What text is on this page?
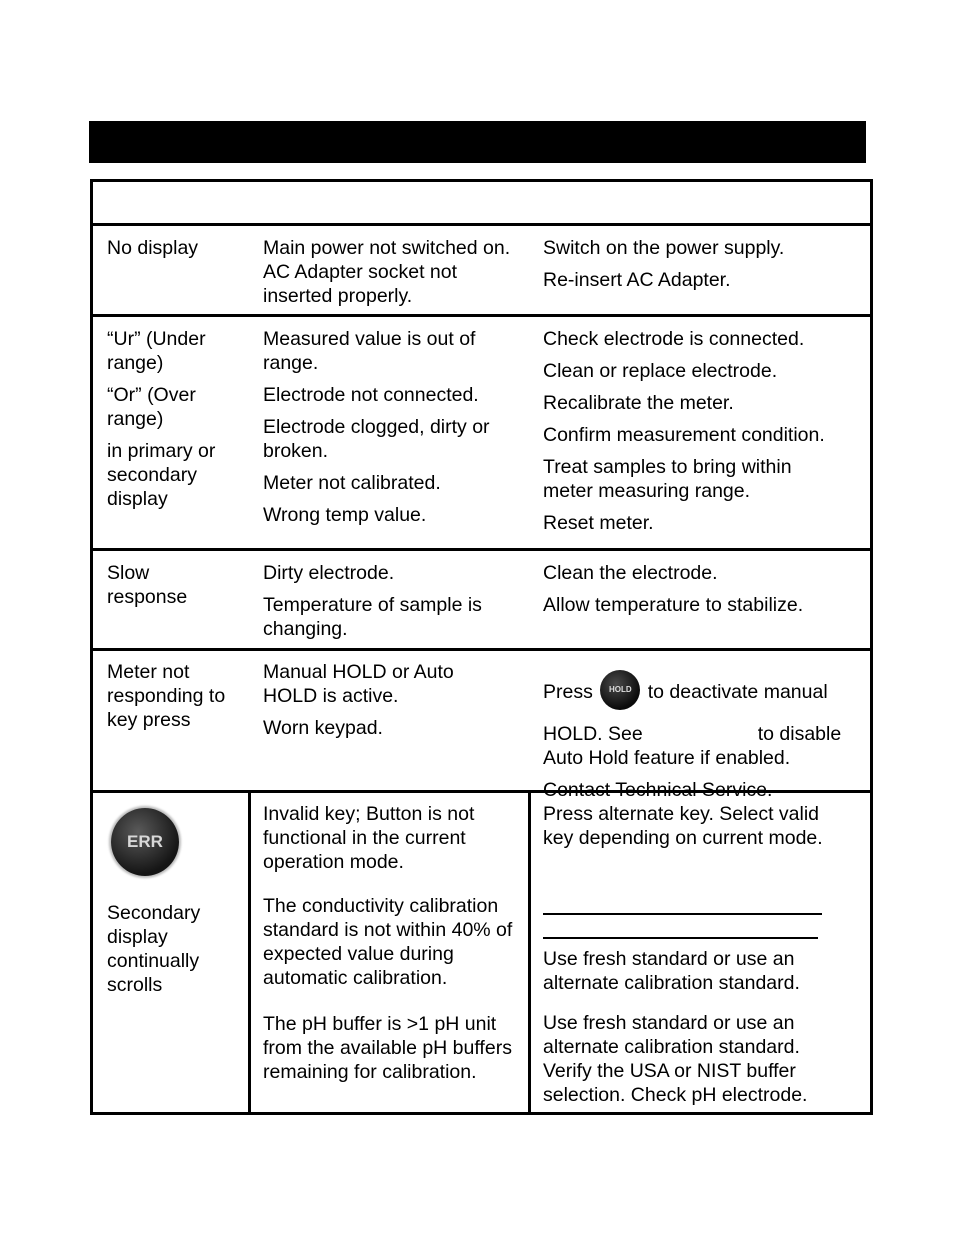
No display	Main power not switched on. AC Adapter socket not inserted properly.

Switch on the power supply.

Re-insert AC Adapter.

“Ur” (Under range)

“Or” (Over range)

in primary or secondary display

Measured value is out of range.

Electrode not connected.

Electrode clogged, dirty or broken.

Meter not calibrated.

Wrong temp value.

Check electrode is connected.

Clean or replace electrode.

Recalibrate the meter.

Confirm measurement condition.

Treat samples to bring within meter measuring range.

Reset meter.

Slow response

Dirty electrode.

Temperature of sample is changing.

Clean the electrode.

Allow temperature to stabilize.

Meter not responding to key press

Manual HOLD or Auto HOLD is active.

Worn keypad.

Press HOLD to deactivate manual HOLD. See	to disable Auto Hold feature if enabled.

Contact Technical Service.

ERR

Secondary display continually scrolls

Invalid key; Button is not functional in the current operation mode.

The conductivity calibration standard is not within 40% of expected value during automatic calibration.

The pH buffer is >1 pH unit from the available pH buffers remaining for calibration.

Press alternate key. Select valid key depending on current mode.

Use fresh standard or use an alternate calibration standard.

Use fresh standard or use an alternate calibration standard. Verify the USA or NIST buffer selection. Check pH electrode.
